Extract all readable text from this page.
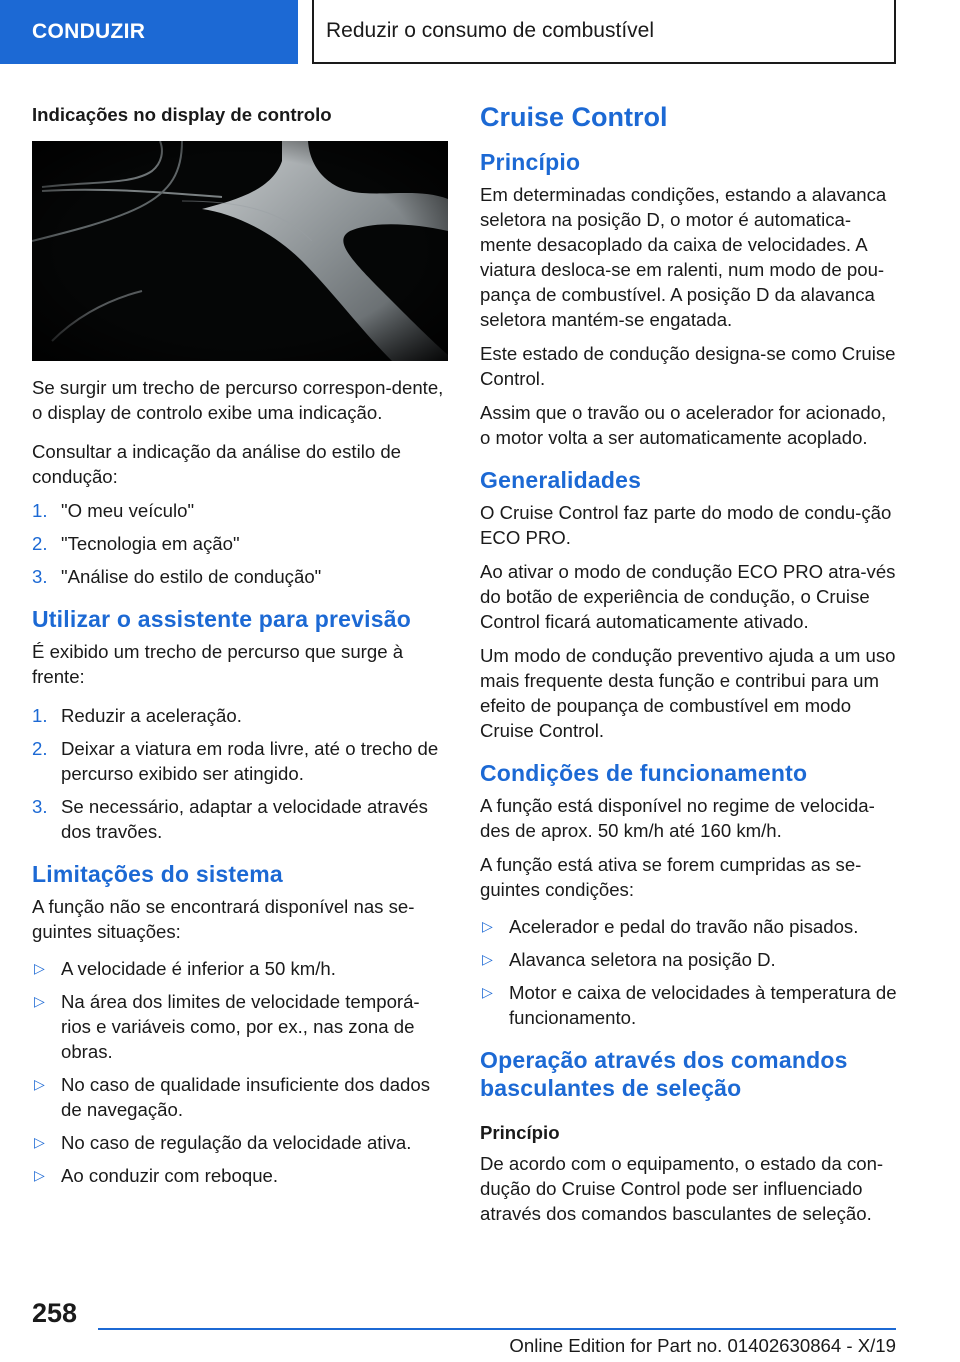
CONDUZIR	Reduzir o consumo de combustível
Indicações no display de controlo
Se surgir um trecho de percurso correspon-dente, o display de controlo exibe uma indicação.
Consultar a indicação da análise do estilo de condução:
1. "O meu veículo"
2. "Tecnologia em ação"
3. "Análise do estilo de condução"
Utilizar o assistente para previsão
É exibido um trecho de percurso que surge à frente:
1. Reduzir a aceleração.
2. Deixar a viatura em roda livre, até o trecho de percurso exibido ser atingido.
3. Se necessário, adaptar a velocidade através dos travões.
Limitações do sistema
A função não se encontrará disponível nas se-guintes situações:
▷ A velocidade é inferior a 50 km/h.
▷ Na área dos limites de velocidade temporá-rios e variáveis como, por ex., nas zona de obras.
▷ No caso de qualidade insuficiente dos dados de navegação.
▷ No caso de regulação da velocidade ativa.
▷ Ao conduzir com reboque.
Cruise Control
Princípio
Em determinadas condições, estando a alavanca seletora na posição D, o motor é automatica-mente desacoplado da caixa de velocidades. A viatura desloca-se em ralenti, num modo de pou-pança de combustível. A posição D da alavanca seletora mantém-se engatada.
Este estado de condução designa-se como Cruise Control.
Assim que o travão ou o acelerador for acionado, o motor volta a ser automaticamente acoplado.
Generalidades
O Cruise Control faz parte do modo de condu-ção ECO PRO.
Ao ativar o modo de condução ECO PRO atra-vés do botão de experiência de condução, o Cruise Control ficará automaticamente ativado.
Um modo de condução preventivo ajuda a um uso mais frequente desta função e contribui para um efeito de poupança de combustível em modo Cruise Control.
Condições de funcionamento
A função está disponível no regime de velocida-des de aprox. 50 km/h até 160 km/h.
A função está ativa se forem cumpridas as se-guintes condições:
▷ Acelerador e pedal do travão não pisados.
▷ Alavanca seletora na posição D.
▷ Motor e caixa de velocidades à temperatura de funcionamento.
Operação através dos comandos basculantes de seleção
Princípio
De acordo com o equipamento, o estado da con-dução do Cruise Control pode ser influenciado através dos comandos basculantes de seleção.
258
Online Edition for Part no. 01402630864 - X/19
